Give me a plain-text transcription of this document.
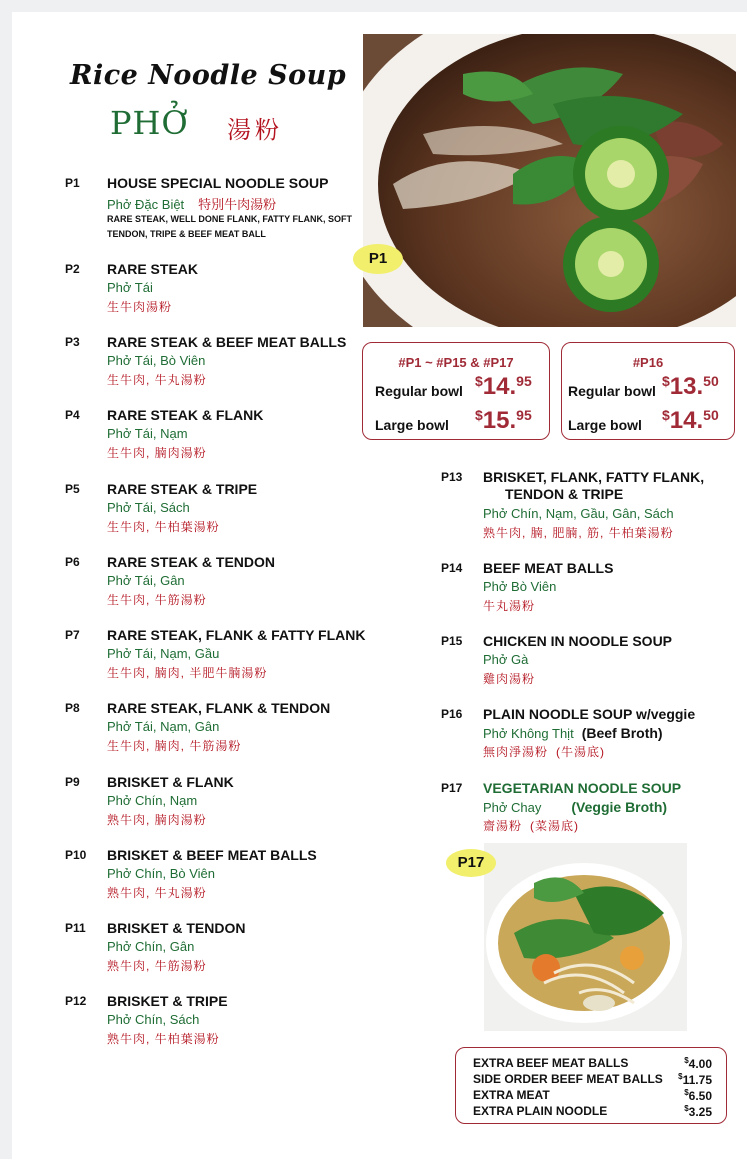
Rice Noodle Soup
PHỞ 湯粉
P1 HOUSE SPECIAL NOODLE SOUP
Phở Đặc Biệt 特別牛肉湯粉
RARE STEAK, WELL DONE FLANK, FATTY FLANK, SOFT TENDON, TRIPE & BEEF MEAT BALL
P2 RARE STEAK
Phở Tái
生牛肉湯粉
P3 RARE STEAK & BEEF MEAT BALLS
Phở Tái, Bò Viên
生牛肉, 牛丸湯粉
P4 RARE STEAK & FLANK
Phở Tái, Nạm
生牛肉, 腩肉湯粉
P5 RARE STEAK & TRIPE
Phở Tái, Sách
生牛肉, 牛柏葉湯粉
P6 RARE STEAK & TENDON
Phở Tái, Gân
生牛肉, 牛筋湯粉
P7 RARE STEAK, FLANK & FATTY FLANK
Phở Tái, Nạm, Gầu
生牛肉, 腩肉, 半肥牛腩湯粉
P8 RARE STEAK, FLANK & TENDON
Phở Tái, Nạm, Gân
生牛肉, 腩肉, 牛筋湯粉
P9 BRISKET & FLANK
Phở Chín, Nạm
熟牛肉, 腩肉湯粉
P10 BRISKET & BEEF MEAT BALLS
Phở Chín, Bò Viên
熟牛肉, 牛丸湯粉
P11 BRISKET & TENDON
Phở Chín, Gân
熟牛肉, 牛筋湯粉
P12 BRISKET & TRIPE
Phở Chín, Sách
熟牛肉, 牛柏葉湯粉
P1
#P1 ~ #P15 & #P17
Regular bowl
$14.95
Large bowl
$15.95
#P16
Regular bowl
$13.50
Large bowl
$14.50
P13 BRISKET, FLANK, FATTY FLANK,
TENDON & TRIPE
Phở Chín, Nạm, Gầu, Gân, Sách
熟牛肉, 腩, 肥腩, 筋, 牛柏葉湯粉
P14 BEEF MEAT BALLS
Phở Bò Viên
牛丸湯粉
P15 CHICKEN IN NOODLE SOUP
Phở Gà
雞肉湯粉
P16 PLAIN NOODLE SOUP w/veggie
Phở Không Thịt (Beef Broth)
無肉淨湯粉 (牛湯底)
P17 VEGETARIAN NOODLE SOUP
Phở Chay (Veggie Broth)
齋湯粉 (菜湯底)
P17
EXTRA BEEF MEAT BALLS	$4.00
SIDE ORDER BEEF MEAT BALLS $11.75
EXTRA MEAT	$6.50
EXTRA PLAIN NOODLE	$3.25
